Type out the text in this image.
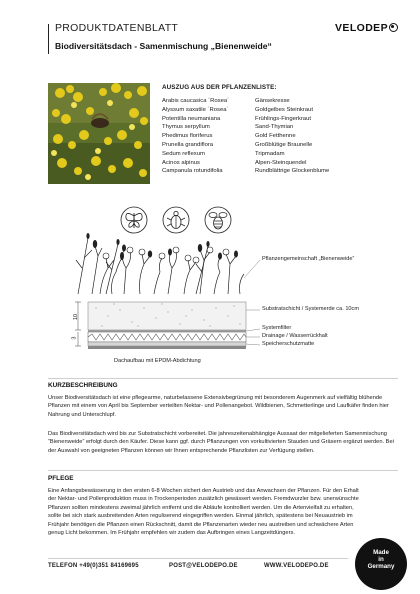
PRODUKTDATENBLATT
Biodiversitätsdach - Samenmischung „Bienenweide“
VELODEP
AUSZUG AUS DER PFLANZENLISTE:
Arabis caucasica ´Rosea´	Gänsekresse
Alyssum saxatile ´Rosea´	Goldgelbes Steinkraut
Potentilla neumaniana	Frühlings-Fingerkraut
Thymus serpyllum	Sand-Thymian
Phedimus floriferus	Gold Fetthenne
Prunella grandiflora	Großblütige Braunelle
Sedum reflexum	Tripmadam
Acinos alpinus	Alpen-Steinquendel
Campanula rotundifolia	Rundblättrige Glockenblume
10
3
Pflanzengemeinschaft „Bienenweide“
Substratschicht / Systemerde ca. 10cm
Systemfilter
Drainage / Wasserrückhalt
Speicherschutzmatte
Dachaufbau mit EPDM-Abdichtung
KURZBESCHREIBUNG
Unser Biodiversitätsdach ist eine pflegearme, naturbelassene Extensivbegrünung mit besonderem Augenmerk auf vielfältig blühende Pflanzen mit einem von April bis September verteilten Nektar- und Pollenangebot. Wildbienen, Schmetterlinge und Laufkäfer finden hier Nahrung und Unterschlupf.
Das Biodiversitätsdach wird bis zur Substratschicht vorbereitet. Die jahreszeitenabhängige Aussaat der mitgelieferten Samenmischung “Bienenweide” erfolgt durch den Käufer. Diese kann ggf. durch Pflanzungen von vorkultivierten Stauden und Gräsern ergänzt werden. Bei der Auswahl von geeigneten Pflanzen können wir Ihnen entsprechende Pflanzlisten zur Verfügung stellen.
PFLEGE
Eine Anfangsbewässerung in den ersten 6-8 Wochen sichert den Austrieb und das Anwachsen der Pflanzen. Für den Erhalt der Nektar- und Pollenproduktion muss in Trockenperioden zusätzlich gewässert werden. Fremdwurzler bzw. unerwünschte Pflanzen sollten mindestens zweimal jährlich entfernt und die Abläufe kontrolliert werden. Um die Artenvielfalt zu erhalten, sollte bei sich stark ausbreitenden Arten reguliserend eingegriffen werden. Einmal jährlich, spätestens bei Neuaustrieb im Frühjahr benötigen die Pflanzen einen Rückschnitt, damit die Pflanzenarten wieder neu austreiben und schwächere Arten genug Licht bekommen. Im Frühjahr empfehlen wir zudem das Aufbringen eines Langzeitdüngers.
TELEFON +49(0)351 84169695	POST@VELODEPO.DE	WWW.VELODEPO.DE
Made
in
Germany
